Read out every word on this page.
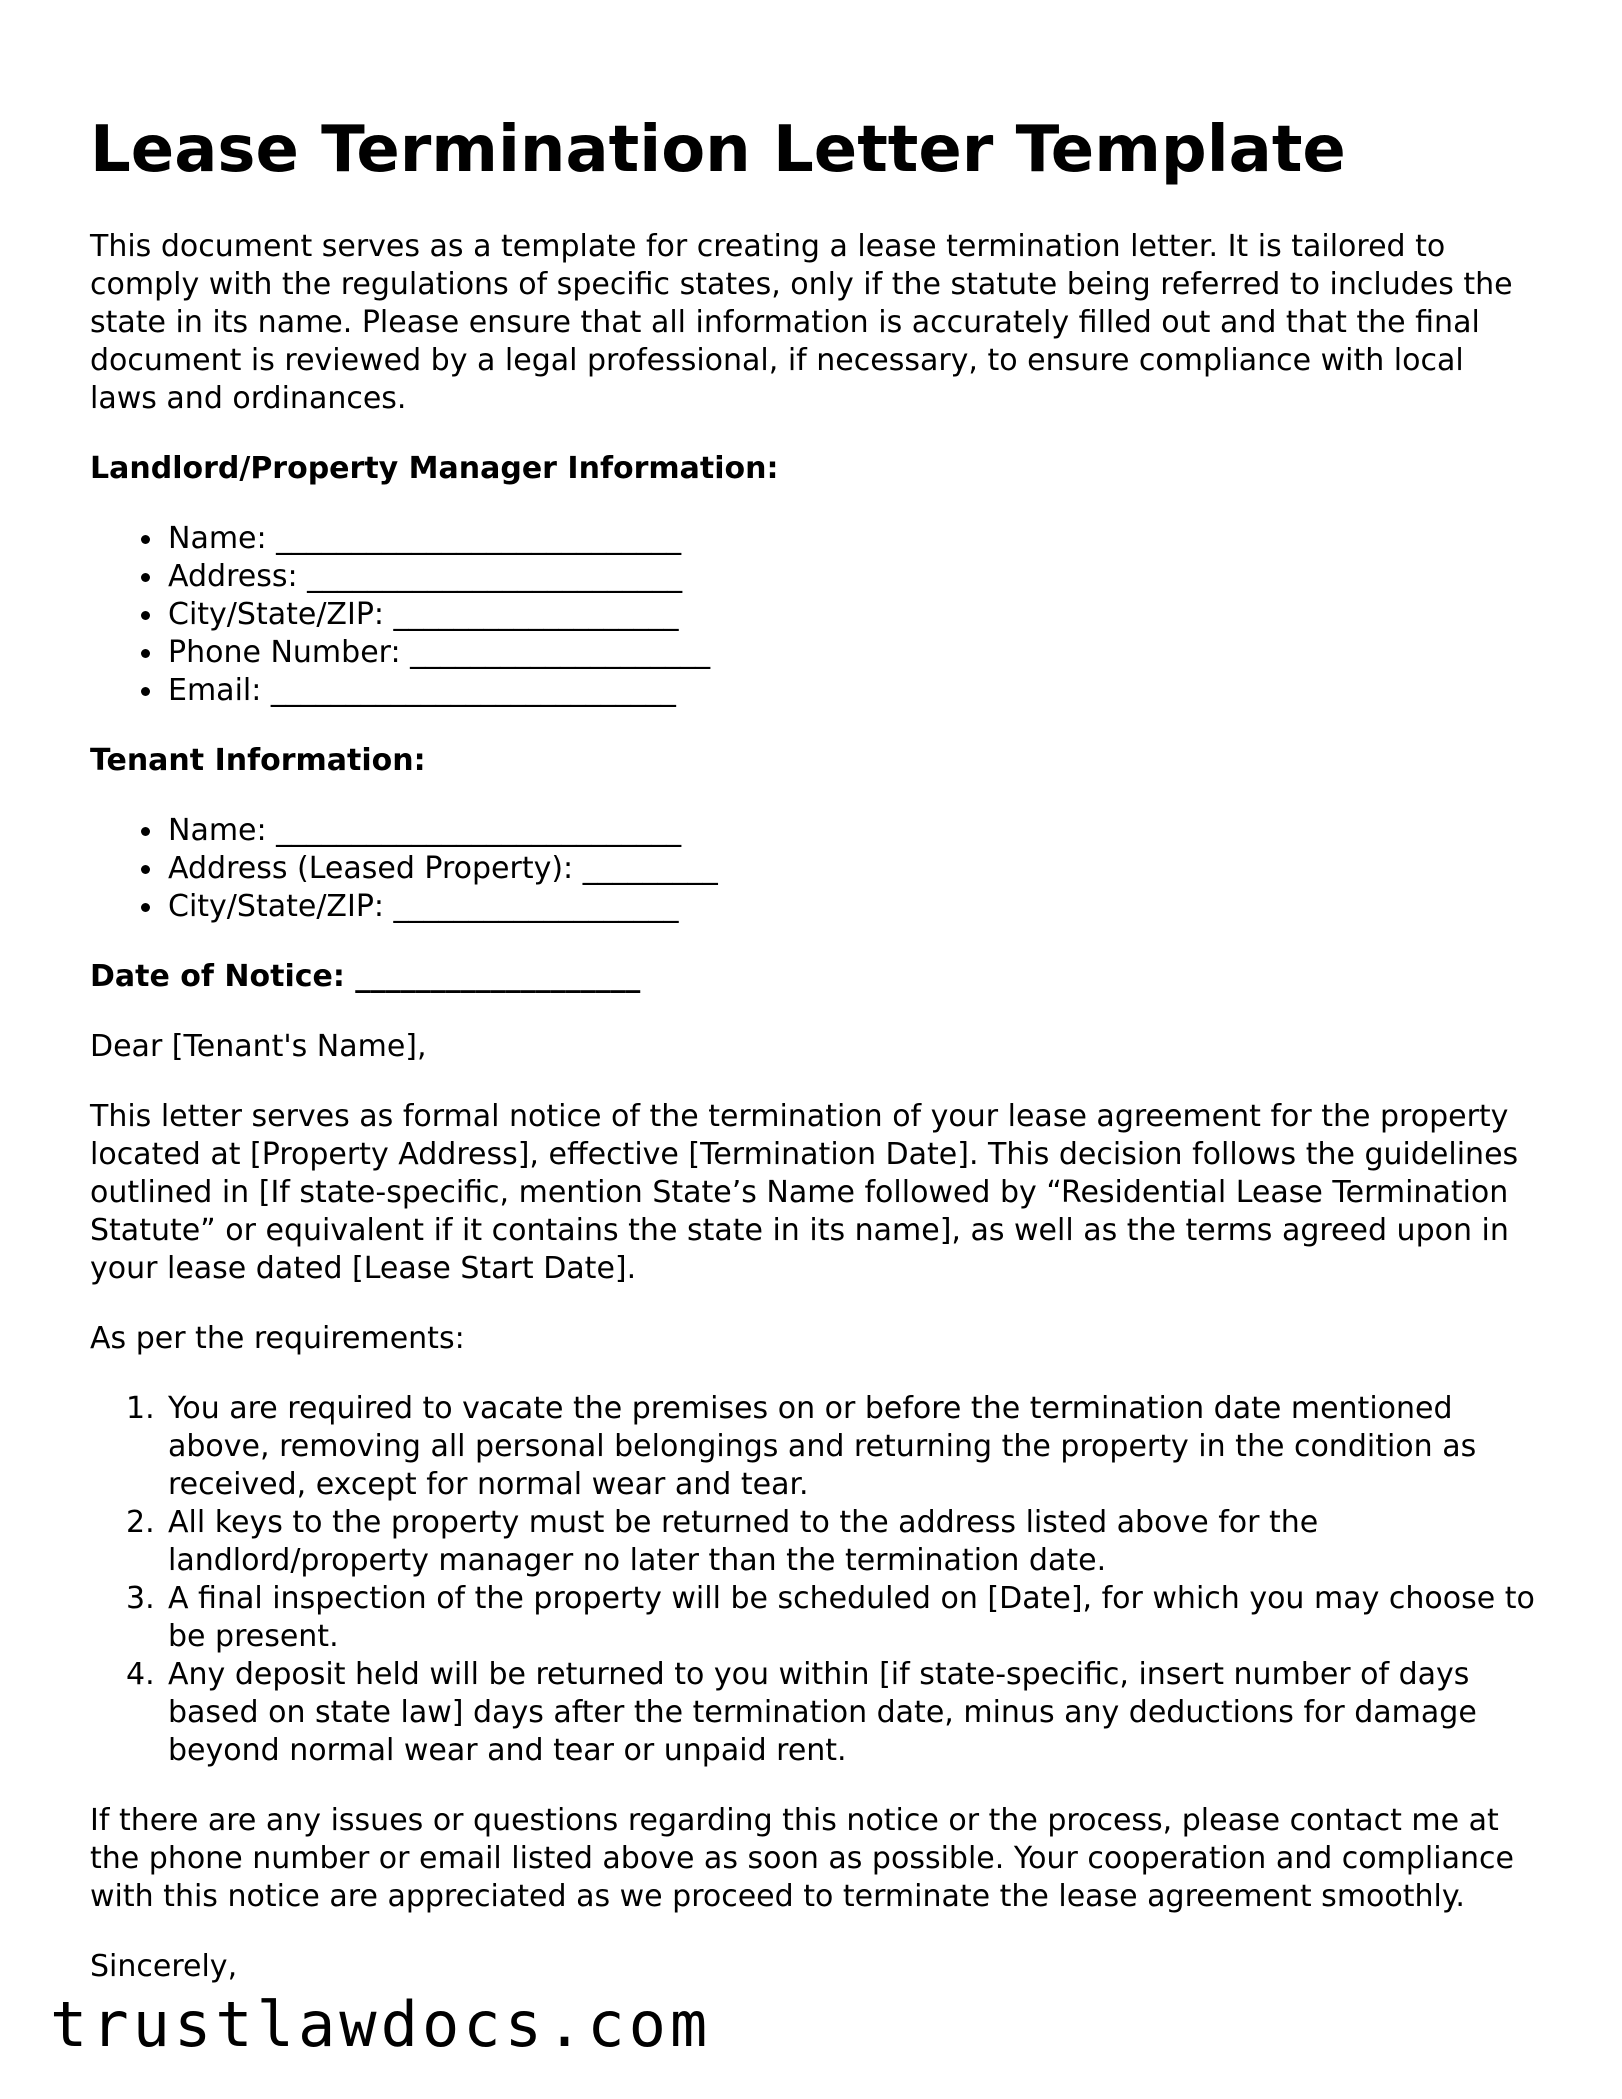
Lease Termination Letter Template

This document serves as a template for creating a lease termination letter. It is tailored to comply with the regulations of specific states, only if the statute being referred to includes the state in its name. Please ensure that all information is accurately filled out and that the final document is reviewed by a legal professional, if necessary, to ensure compliance with local laws and ordinances.

Landlord/Property Manager Information:
Name: ___________________________
Address: _________________________
City/State/ZIP: ___________________
Phone Number: ____________________
Email: ___________________________
Tenant Information:
Name: ___________________________
Address (Leased Property): _________
City/State/ZIP: ___________________
Date of Notice: ___________________

Dear [Tenant's Name],

This letter serves as formal notice of the termination of your lease agreement for the property located at [Property Address], effective [Termination Date]. This decision follows the guidelines outlined in [If state-specific, mention State’s Name followed by “Residential Lease Termination Statute” or equivalent if it contains the state in its name], as well as the terms agreed upon in your lease dated [Lease Start Date].

As per the requirements:

1. You are required to vacate the premises on or before the termination date mentioned above, removing all personal belongings and returning the property in the condition as received, except for normal wear and tear.
2. All keys to the property must be returned to the address listed above for the landlord/property manager no later than the termination date.
3. A final inspection of the property will be scheduled on [Date], for which you may choose to be present.
4. Any deposit held will be returned to you within [if state-specific, insert number of days based on state law] days after the termination date, minus any deductions for damage beyond normal wear and tear or unpaid rent.

If there are any issues or questions regarding this notice or the process, please contact me at the phone number or email listed above as soon as possible. Your cooperation and compliance with this notice are appreciated as we proceed to terminate the lease agreement smoothly.

Sincerely,

trustlawdocs.com
